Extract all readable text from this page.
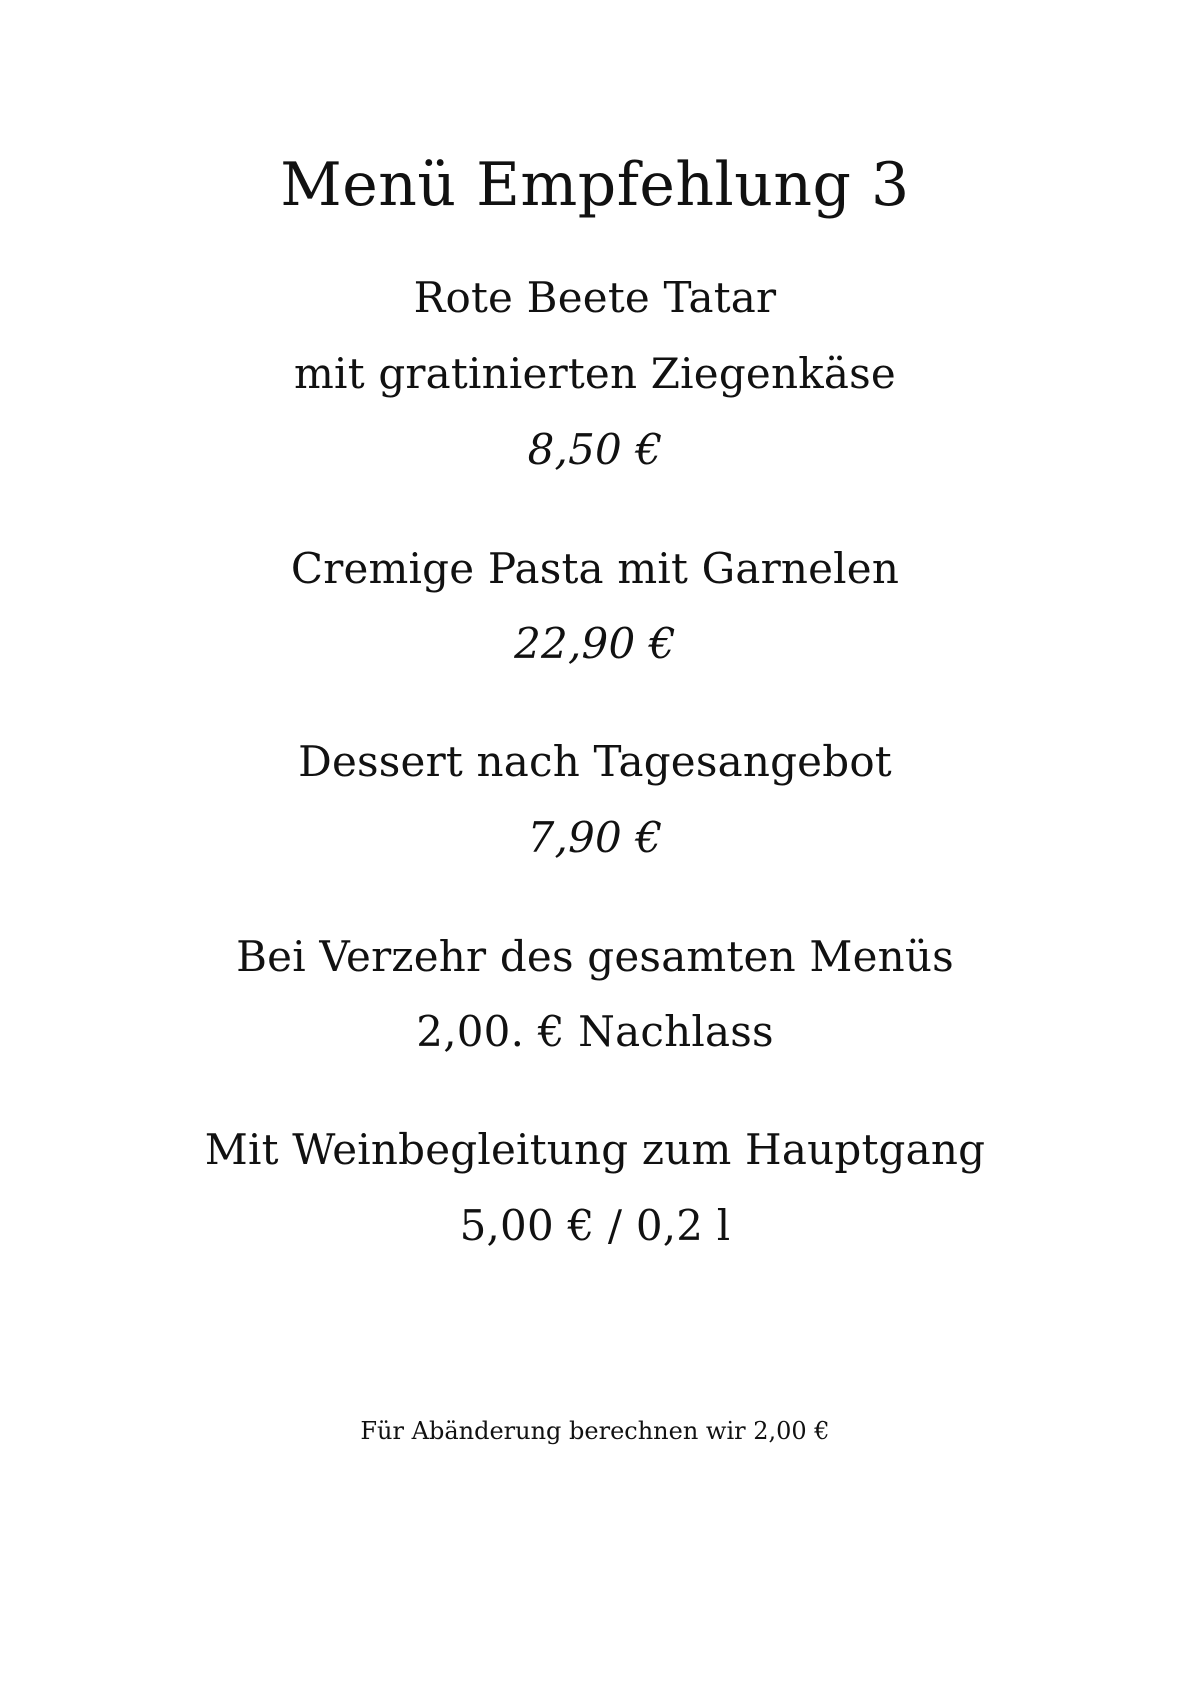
Menü Empfehlung 3
Rote Beete Tatar
mit gratinierten Ziegenkäse
8,50 €
Cremige Pasta mit Garnelen
22,90 €
Dessert nach Tagesangebot
7,90 €
Bei Verzehr des gesamten Menüs
2,00. € Nachlass
Mit Weinbegleitung zum Hauptgang
5,00 € / 0,2 l
Für Abänderung berechnen wir 2,00 €
